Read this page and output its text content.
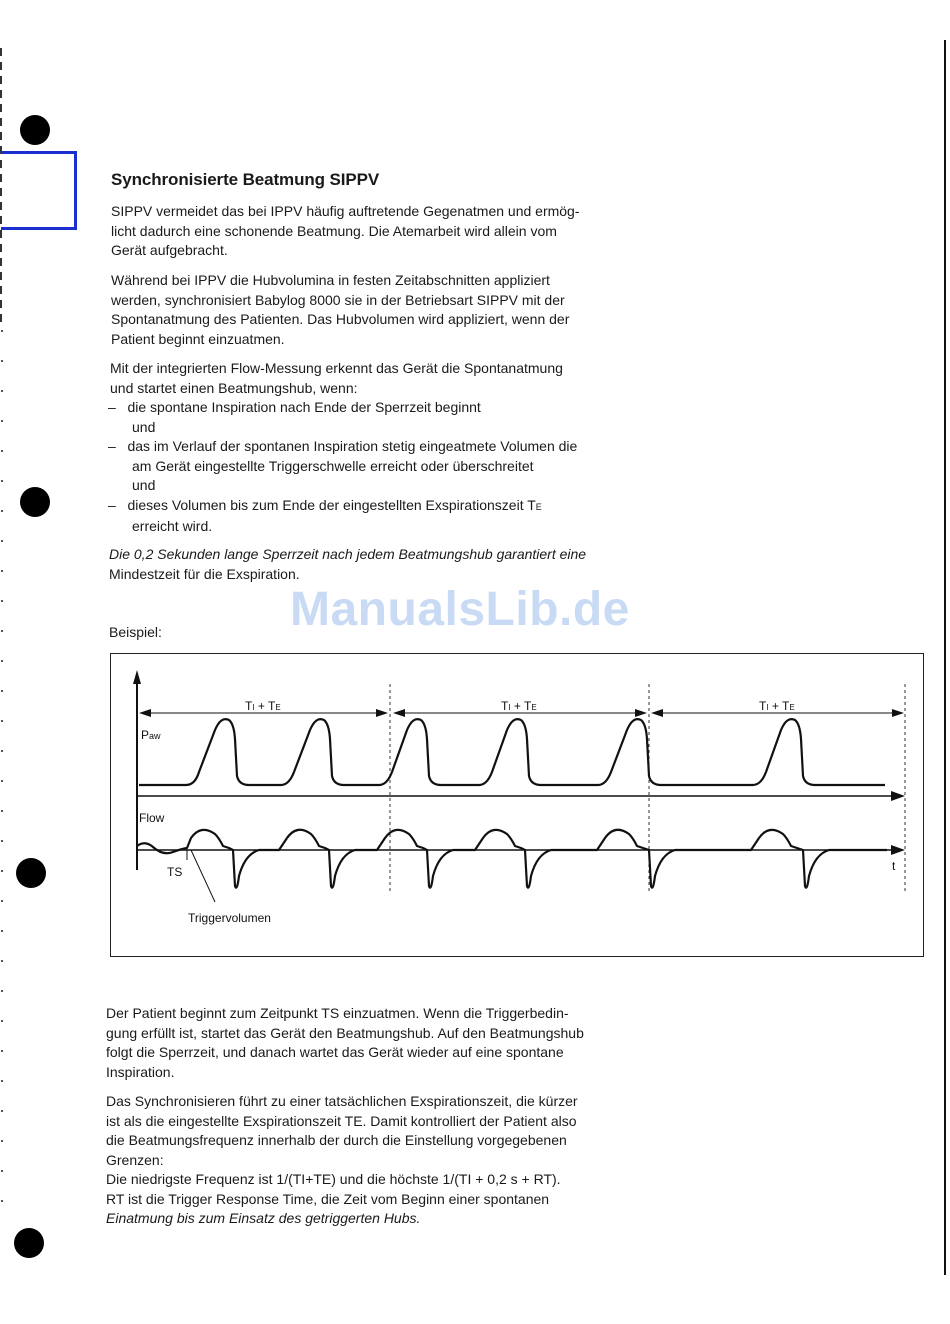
Synchronisierte Beatmung SIPPV

SIPPV vermeidet das bei IPPV häufig auftretende Gegenatmen und ermög-
licht dadurch eine schonende Beatmung. Die Atemarbeit wird allein vom
Gerät aufgebracht.

Während bei IPPV die Hubvolumina in festen Zeitabschnitten appliziert
werden, synchronisiert Babylog 8000 sie in der Betriebsart SIPPV mit der
Spontanatmung des Patienten. Das Hubvolumen wird appliziert, wenn der
Patient beginnt einzuatmen.

Mit der integrierten Flow-Messung erkennt das Gerät die Spontanatmung
und startet einen Beatmungshub, wenn:

– die spontane Inspiration nach Ende der Sperrzeit beginnt
und
– das im Verlauf der spontanen Inspiration stetig eingeatmete Volumen die
am Gerät eingestellte Triggerschwelle erreicht oder überschreitet
und
– dieses Volumen bis zum Ende der eingestellten Exspirationszeit TE
erreicht wird.

Die 0,2 Sekunden lange Sperrzeit nach jedem Beatmungshub garantiert eine
Mindestzeit für die Exspiration.

ManualsLib.de

Beispiel:

TI + TE	TI + TE	TI + TE
Paw
Flow
t
TS
Triggervolumen

Der Patient beginnt zum Zeitpunkt TS einzuatmen. Wenn die Triggerbedin-
gung erfüllt ist, startet das Gerät den Beatmungshub. Auf den Beatmungshub
folgt die Sperrzeit, und danach wartet das Gerät wieder auf eine spontane
Inspiration.

Das Synchronisieren führt zu einer tatsächlichen Exspirationszeit, die kürzer
ist als die eingestellte Exspirationszeit TE. Damit kontrolliert der Patient also
die Beatmungsfrequenz innerhalb der durch die Einstellung vorgegebenen
Grenzen:
Die niedrigste Frequenz ist 1/(TI+TE) und die höchste 1/(TI + 0,2 s + RT).
RT ist die Trigger Response Time, die Zeit vom Beginn einer spontanen
Einatmung bis zum Einsatz des getriggerten Hubs.
